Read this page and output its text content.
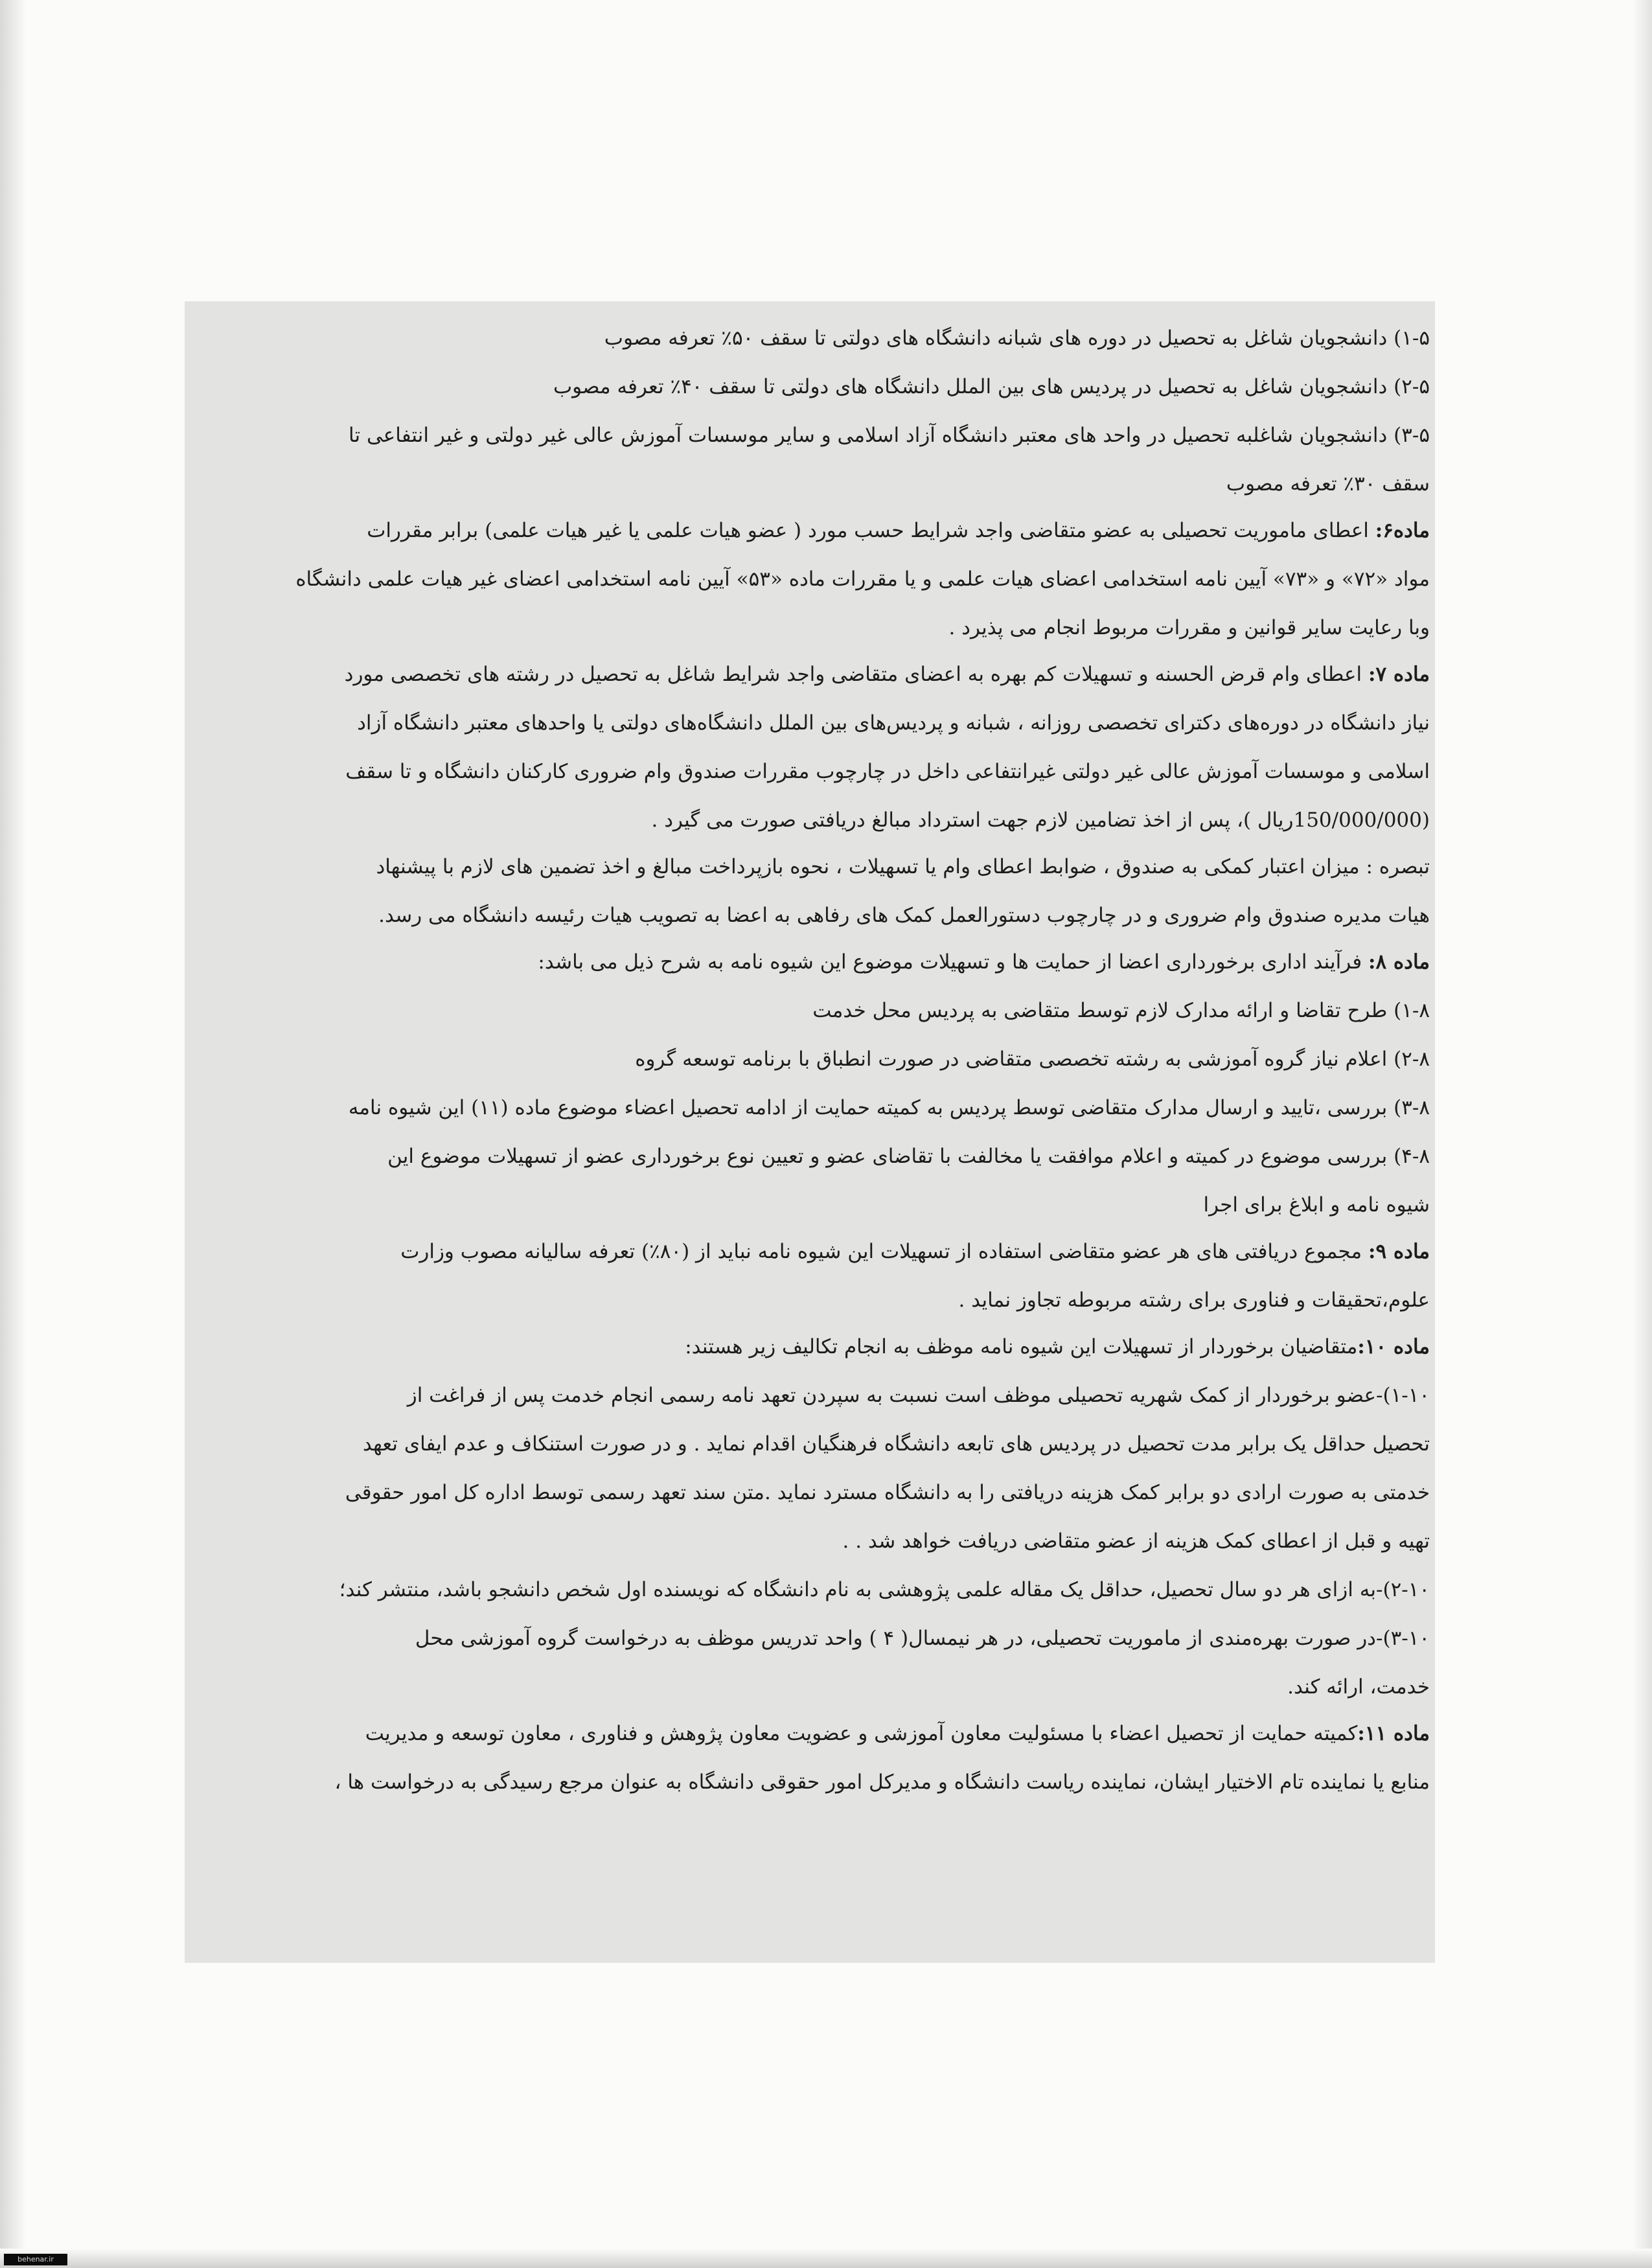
۱-۵) دانشجویان شاغل به تحصیل در دوره های شبانه دانشگاه های دولتی تا سقف ۵۰٪ تعرفه مصوب
۲-۵) دانشجویان شاغل به تحصیل در پردیس های بین الملل دانشگاه های دولتی تا سقف ۴۰٪ تعرفه مصوب
۳-۵) دانشجویان شاغلبه تحصیل در واحد های معتبر دانشگاه آزاد اسلامی و سایر موسسات آموزش عالی غیر دولتی و غیر انتفاعی تا
سقف ۳۰٪ تعرفه مصوب
ماده۶: اعطای ماموریت تحصیلی به عضو متقاضی واجد شرایط حسب مورد ( عضو هیات علمی یا غیر هیات علمی) برابر مقررات
مواد «۷۲» و «۷۳» آیین نامه استخدامی اعضای هیات علمی و یا مقررات ماده «۵۳» آیین نامه استخدامی اعضای غیر هیات علمی دانشگاه
وبا رعایت سایر قوانین و مقررات مربوط انجام می پذیرد .
ماده ۷: اعطای وام قرض الحسنه و تسهیلات کم بهره به اعضای متقاضی واجد شرایط شاغل به تحصیل در رشته های تخصصی مورد
نیاز دانشگاه در دوره‌های دکترای تخصصی روزانه ، شبانه و پردیس‌های بین الملل دانشگاه‌های دولتی یا واحدهای معتبر دانشگاه آزاد
اسلامی و موسسات آموزش عالی غیر دولتی غیرانتفاعی داخل در چارچوب مقررات صندوق وام ضروری کارکنان دانشگاه و تا سقف
(150/000/000ریال )، پس از اخذ تضامین لازم جهت استرداد مبالغ دریافتی صورت می گیرد .
تبصره : میزان اعتبار کمکی به صندوق ، ضوابط اعطای وام یا تسهیلات ، نحوه بازپرداخت مبالغ و اخذ تضمین های لازم با پیشنهاد
هیات مدیره صندوق وام ضروری و در چارچوب دستورالعمل کمک های رفاهی به اعضا به تصویب هیات رئیسه دانشگاه می رسد.
ماده ۸: فرآیند اداری برخورداری اعضا از حمایت ها و تسهیلات موضوع این شیوه نامه به شرح ذیل می باشد:
۱-۸) طرح تقاضا و ارائه مدارک لازم توسط متقاضی به پردیس محل خدمت
۲-۸) اعلام نیاز گروه آموزشی به رشته تخصصی متقاضی در صورت انطباق با برنامه توسعه گروه
۳-۸) بررسی ،تایید و ارسال مدارک متقاضی توسط پردیس به کمیته حمایت از ادامه تحصیل اعضاء موضوع ماده (۱۱) این شیوه نامه
۴-۸) بررسی موضوع در کمیته و اعلام موافقت یا مخالفت با تقاضای عضو و تعیین نوع برخورداری عضو از تسهیلات موضوع این
شیوه نامه و ابلاغ برای اجرا
ماده ۹: مجموع دریافتی های هر عضو متقاضی استفاده از تسهیلات این شیوه نامه نباید از (۸۰٪) تعرفه سالیانه مصوب وزارت
علوم،تحقیقات و فناوری برای رشته مربوطه تجاوز نماید .
ماده ۱۰:متقاضیان برخوردار از تسهیلات این شیوه نامه موظف به انجام تکالیف زیر هستند:
۱-۱۰)-عضو برخوردار از کمک شهریه تحصیلی موظف است نسبت به سپردن تعهد نامه رسمی انجام خدمت پس از فراغت از
تحصیل حداقل یک برابر مدت تحصیل در پردیس های تابعه دانشگاه فرهنگیان اقدام نماید . و در صورت استنکاف و عدم ایفای تعهد
خدمتی به صورت ارادی دو برابر کمک هزینه دریافتی را به دانشگاه مسترد نماید .متن سند تعهد رسمی توسط اداره کل امور حقوقی
تهیه و قبل از اعطای کمک هزینه از عضو متقاضی دریافت خواهد شد . .
۲-۱۰)-به ازای هر دو سال تحصیل، حداقل یک مقاله علمی پژوهشی به نام دانشگاه که نویسنده اول شخص دانشجو باشد، منتشر کند؛
۳-۱۰)-در صورت بهره‌مندی از ماموریت تحصیلی، در هر نیمسال( ۴ ) واحد تدریس موظف به درخواست گروه آموزشی محل
خدمت، ارائه کند.
ماده ۱۱:کمیته حمایت از تحصیل اعضاء با مسئولیت معاون آموزشی و عضویت معاون پژوهش و فناوری ، معاون توسعه و مدیریت
منابع یا نماینده تام الاختیار ایشان، نماینده ریاست دانشگاه و مدیرکل امور حقوقی دانشگاه به عنوان مرجع رسیدگی به درخواست ها ،
behenar.ir
